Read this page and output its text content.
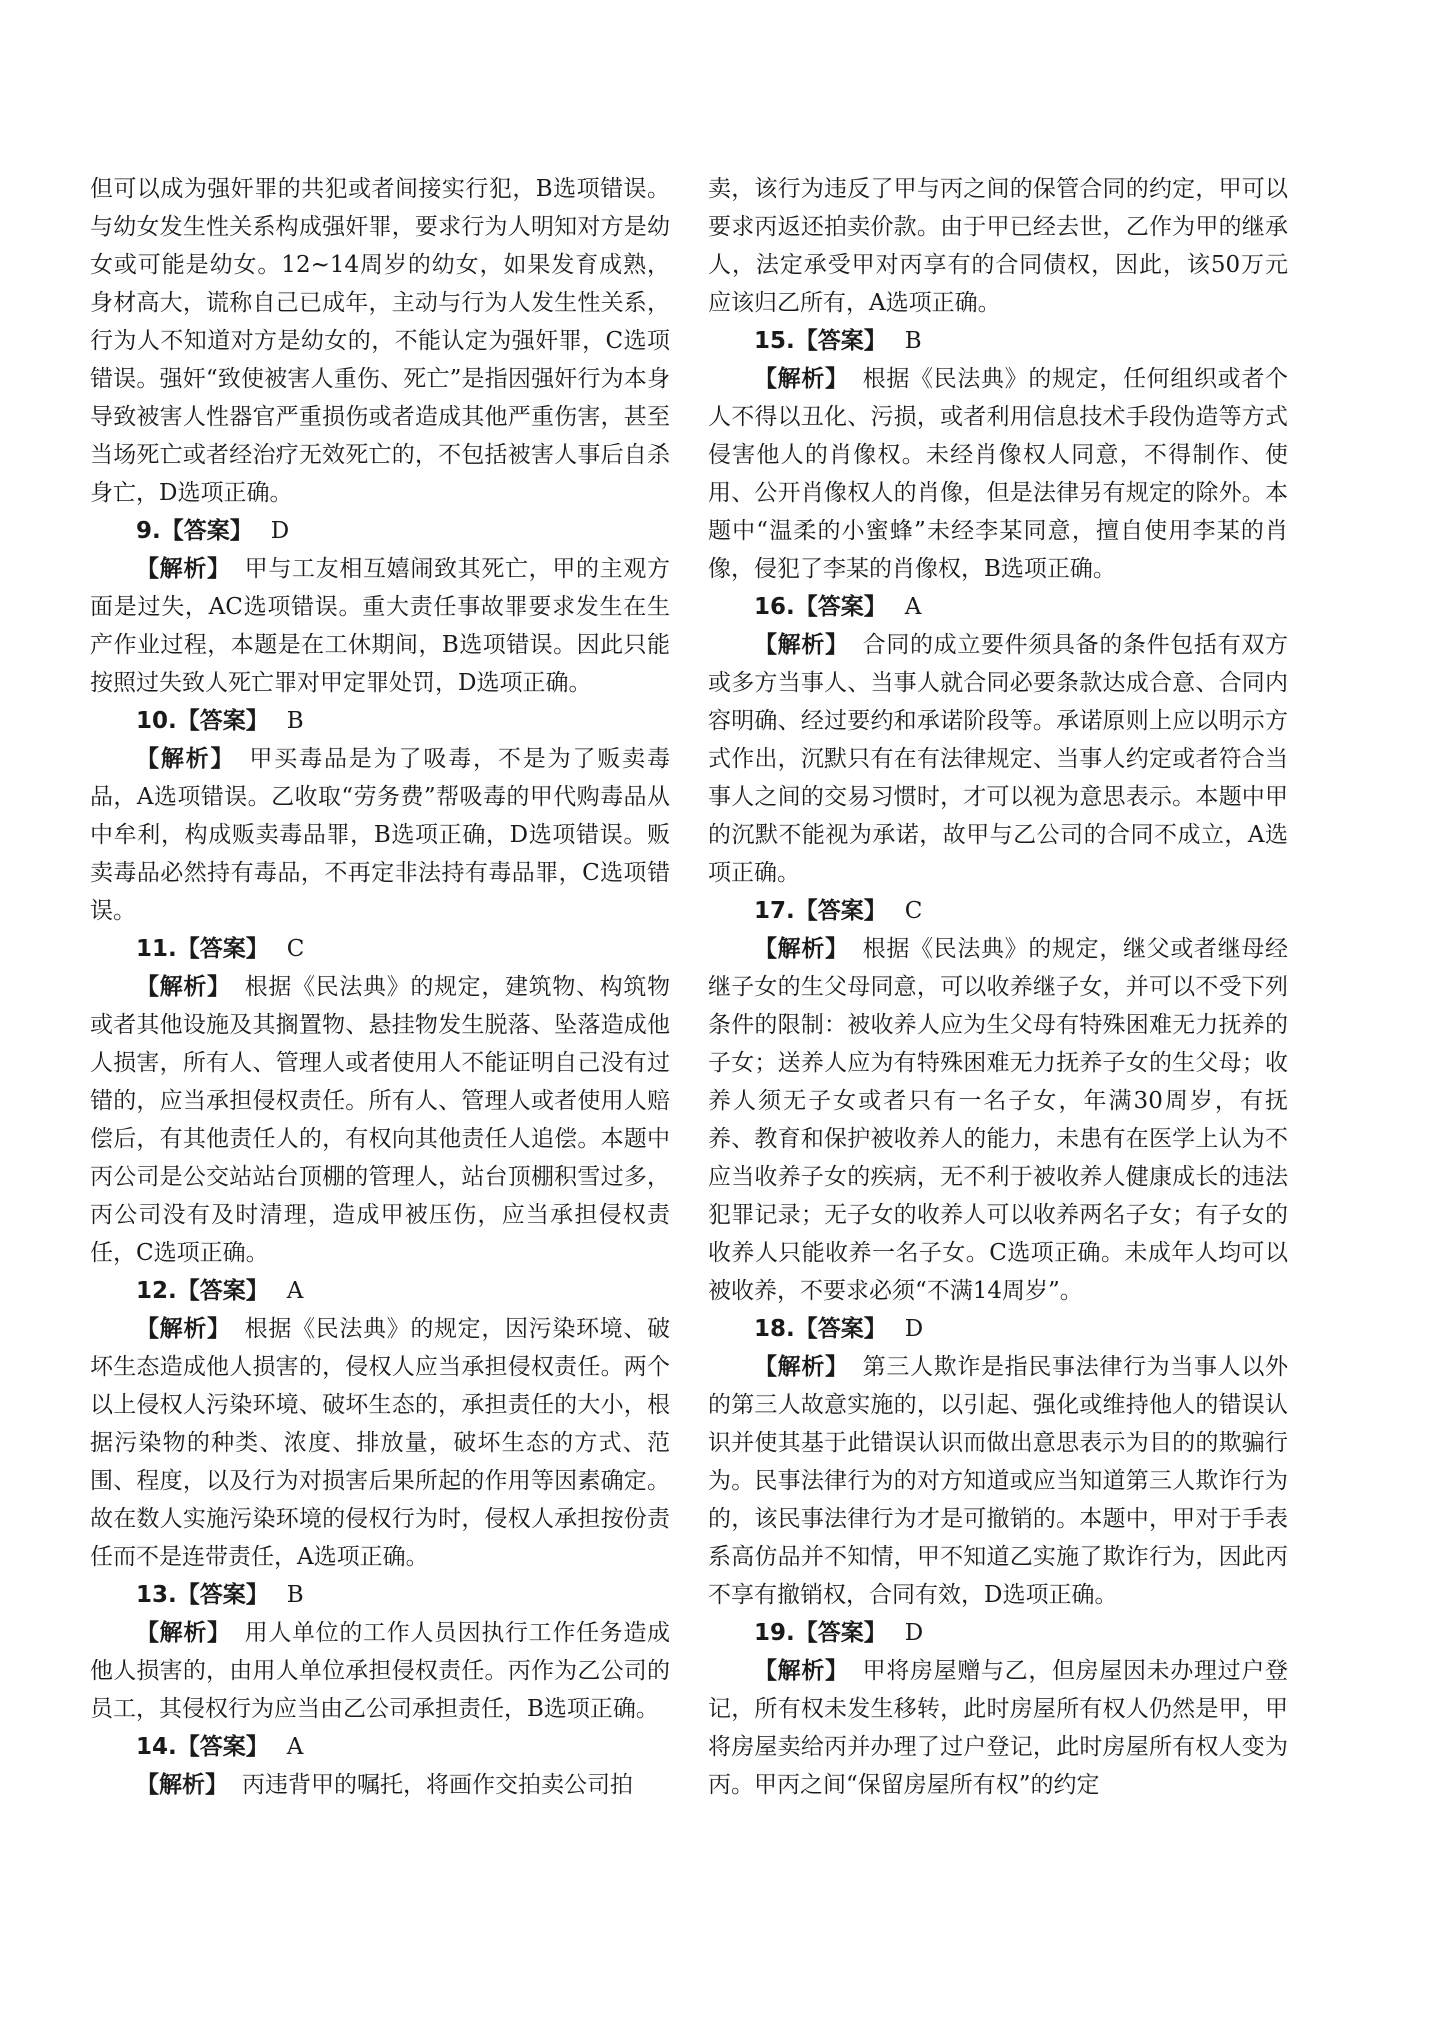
但可以成为强奸罪的共犯或者间接实行犯，B选项错误。与幼女发生性关系构成强奸罪，要求行为人明知对方是幼女或可能是幼女。12~14周岁的幼女，如果发育成熟，身材高大，谎称自己已成年，主动与行为人发生性关系，行为人不知道对方是幼女的，不能认定为强奸罪，C选项错误。强奸“致使被害人重伤、死亡”是指因强奸行为本身导致被害人性器官严重损伤或者造成其他严重伤害，甚至当场死亡或者经治疗无效死亡的，不包括被害人事后自杀身亡，D选项正确。

9.【答案】 D

【解析】 甲与工友相互嬉闹致其死亡，甲的主观方面是过失，AC选项错误。重大责任事故罪要求发生在生产作业过程，本题是在工休期间，B选项错误。因此只能按照过失致人死亡罪对甲定罪处罚，D选项正确。

10.【答案】 B

【解析】 甲买毒品是为了吸毒，不是为了贩卖毒品，A选项错误。乙收取“劳务费”帮吸毒的甲代购毒品从中牟利，构成贩卖毒品罪，B选项正确，D选项错误。贩卖毒品必然持有毒品，不再定非法持有毒品罪，C选项错误。

11.【答案】 C

【解析】 根据《民法典》的规定，建筑物、构筑物或者其他设施及其搁置物、悬挂物发生脱落、坠落造成他人损害，所有人、管理人或者使用人不能证明自己没有过错的，应当承担侵权责任。所有人、管理人或者使用人赔偿后，有其他责任人的，有权向其他责任人追偿。本题中丙公司是公交站站台顶棚的管理人，站台顶棚积雪过多，丙公司没有及时清理，造成甲被压伤，应当承担侵权责任，C选项正确。

12.【答案】 A

【解析】 根据《民法典》的规定，因污染环境、破坏生态造成他人损害的，侵权人应当承担侵权责任。两个以上侵权人污染环境、破坏生态的，承担责任的大小，根据污染物的种类、浓度、排放量，破坏生态的方式、范围、程度，以及行为对损害后果所起的作用等因素确定。故在数人实施污染环境的侵权行为时，侵权人承担按份责任而不是连带责任，A选项正确。

13.【答案】 B

【解析】 用人单位的工作人员因执行工作任务造成他人损害的，由用人单位承担侵权责任。丙作为乙公司的员工，其侵权行为应当由乙公司承担责任，B选项正确。

14.【答案】 A

【解析】 丙违背甲的嘱托，将画作交拍卖公司拍

卖，该行为违反了甲与丙之间的保管合同的约定，甲可以要求丙返还拍卖价款。由于甲已经去世，乙作为甲的继承人，法定承受甲对丙享有的合同债权，因此，该50万元应该归乙所有，A选项正确。

15.【答案】 B

【解析】 根据《民法典》的规定，任何组织或者个人不得以丑化、污损，或者利用信息技术手段伪造等方式侵害他人的肖像权。未经肖像权人同意，不得制作、使用、公开肖像权人的肖像，但是法律另有规定的除外。本题中“温柔的小蜜蜂”未经李某同意，擅自使用李某的肖像，侵犯了李某的肖像权，B选项正确。

16.【答案】 A

【解析】 合同的成立要件须具备的条件包括有双方或多方当事人、当事人就合同必要条款达成合意、合同内容明确、经过要约和承诺阶段等。承诺原则上应以明示方式作出，沉默只有在有法律规定、当事人约定或者符合当事人之间的交易习惯时，才可以视为意思表示。本题中甲的沉默不能视为承诺，故甲与乙公司的合同不成立，A选项正确。

17.【答案】 C

【解析】 根据《民法典》的规定，继父或者继母经继子女的生父母同意，可以收养继子女，并可以不受下列条件的限制：被收养人应为生父母有特殊困难无力抚养的子女；送养人应为有特殊困难无力抚养子女的生父母；收养人须无子女或者只有一名子女，年满30周岁，有抚养、教育和保护被收养人的能力，未患有在医学上认为不应当收养子女的疾病，无不利于被收养人健康成长的违法犯罪记录；无子女的收养人可以收养两名子女；有子女的收养人只能收养一名子女。C选项正确。未成年人均可以被收养，不要求必须“不满14周岁”。

18.【答案】 D

【解析】 第三人欺诈是指民事法律行为当事人以外的第三人故意实施的，以引起、强化或维持他人的错误认识并使其基于此错误认识而做出意思表示为目的的欺骗行为。民事法律行为的对方知道或应当知道第三人欺诈行为的，该民事法律行为才是可撤销的。本题中，甲对于手表系高仿品并不知情，甲不知道乙实施了欺诈行为，因此丙不享有撤销权，合同有效，D选项正确。

19.【答案】 D

【解析】 甲将房屋赠与乙，但房屋因未办理过户登记，所有权未发生移转，此时房屋所有权人仍然是甲，甲将房屋卖给丙并办理了过户登记，此时房屋所有权人变为丙。甲丙之间“保留房屋所有权”的约定
